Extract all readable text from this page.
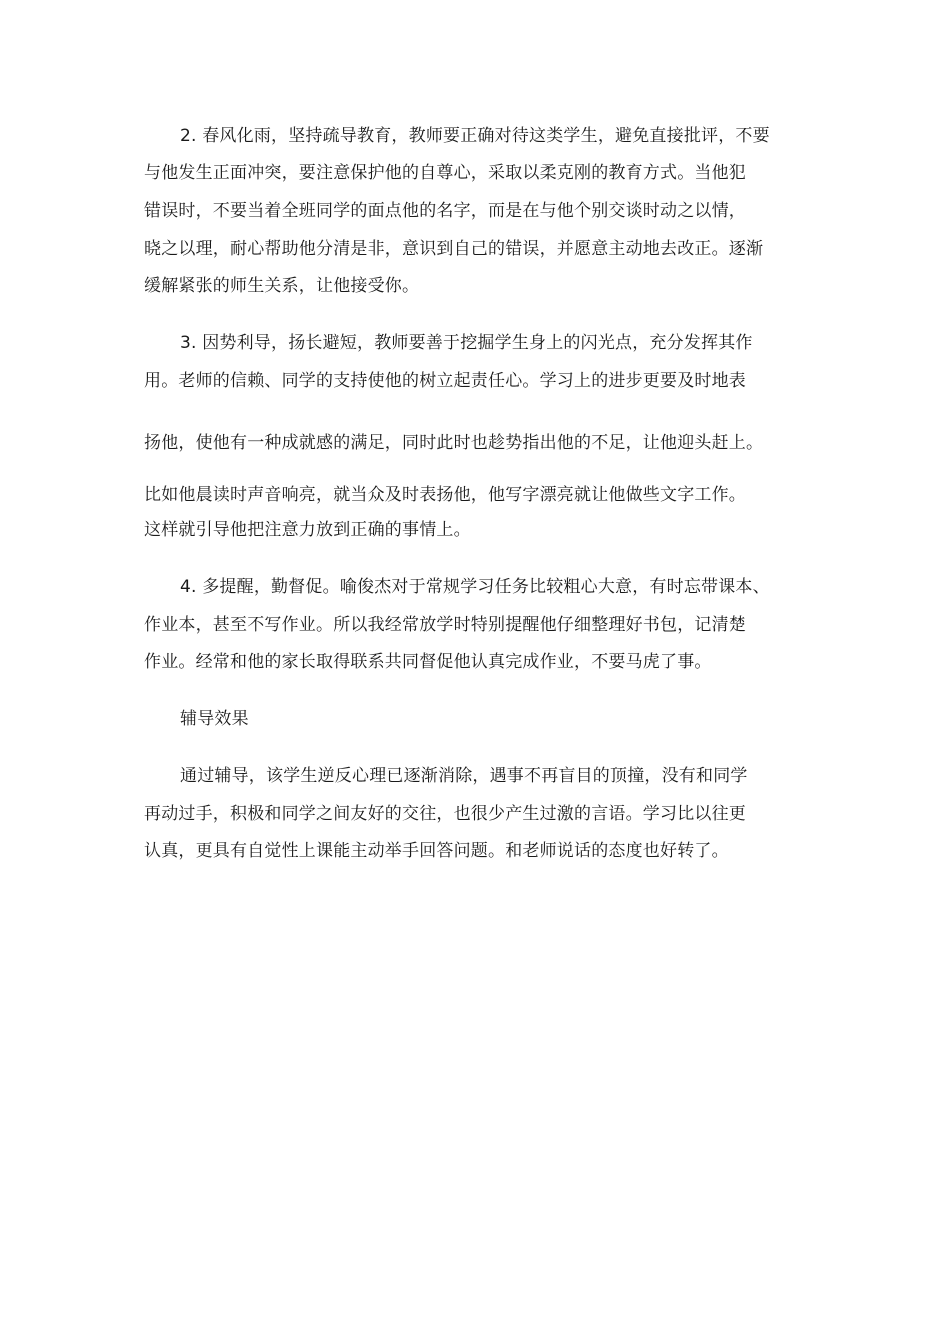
2. 春风化雨，坚持疏导教育，教师要正确对待这类学生，避免直接批评，不要
与他发生正面冲突，要注意保护他的自尊心，采取以柔克刚的教育方式。当他犯
错误时，不要当着全班同学的面点他的名字，而是在与他个别交谈时动之以情，
晓之以理，耐心帮助他分清是非，意识到自己的错误，并愿意主动地去改正。逐渐
缓解紧张的师生关系，让他接受你。
3. 因势利导，扬长避短，教师要善于挖掘学生身上的闪光点，充分发挥其作
用。老师的信赖、同学的支持使他的树立起责任心。学习上的进步更要及时地表
扬他，使他有一种成就感的满足，同时此时也趁势指出他的不足，让他迎头赶上。
比如他晨读时声音响亮，就当众及时表扬他，他写字漂亮就让他做些文字工作。
这样就引导他把注意力放到正确的事情上。
4. 多提醒，勤督促。喻俊杰对于常规学习任务比较粗心大意，有时忘带课本、
作业本，甚至不写作业。所以我经常放学时特别提醒他仔细整理好书包，记清楚
作业。经常和他的家长取得联系共同督促他认真完成作业，不要马虎了事。
辅导效果
通过辅导，该学生逆反心理已逐渐消除，遇事不再盲目的顶撞，没有和同学
再动过手，积极和同学之间友好的交往，也很少产生过激的言语。学习比以往更
认真，更具有自觉性上课能主动举手回答问题。和老师说话的态度也好转了。
